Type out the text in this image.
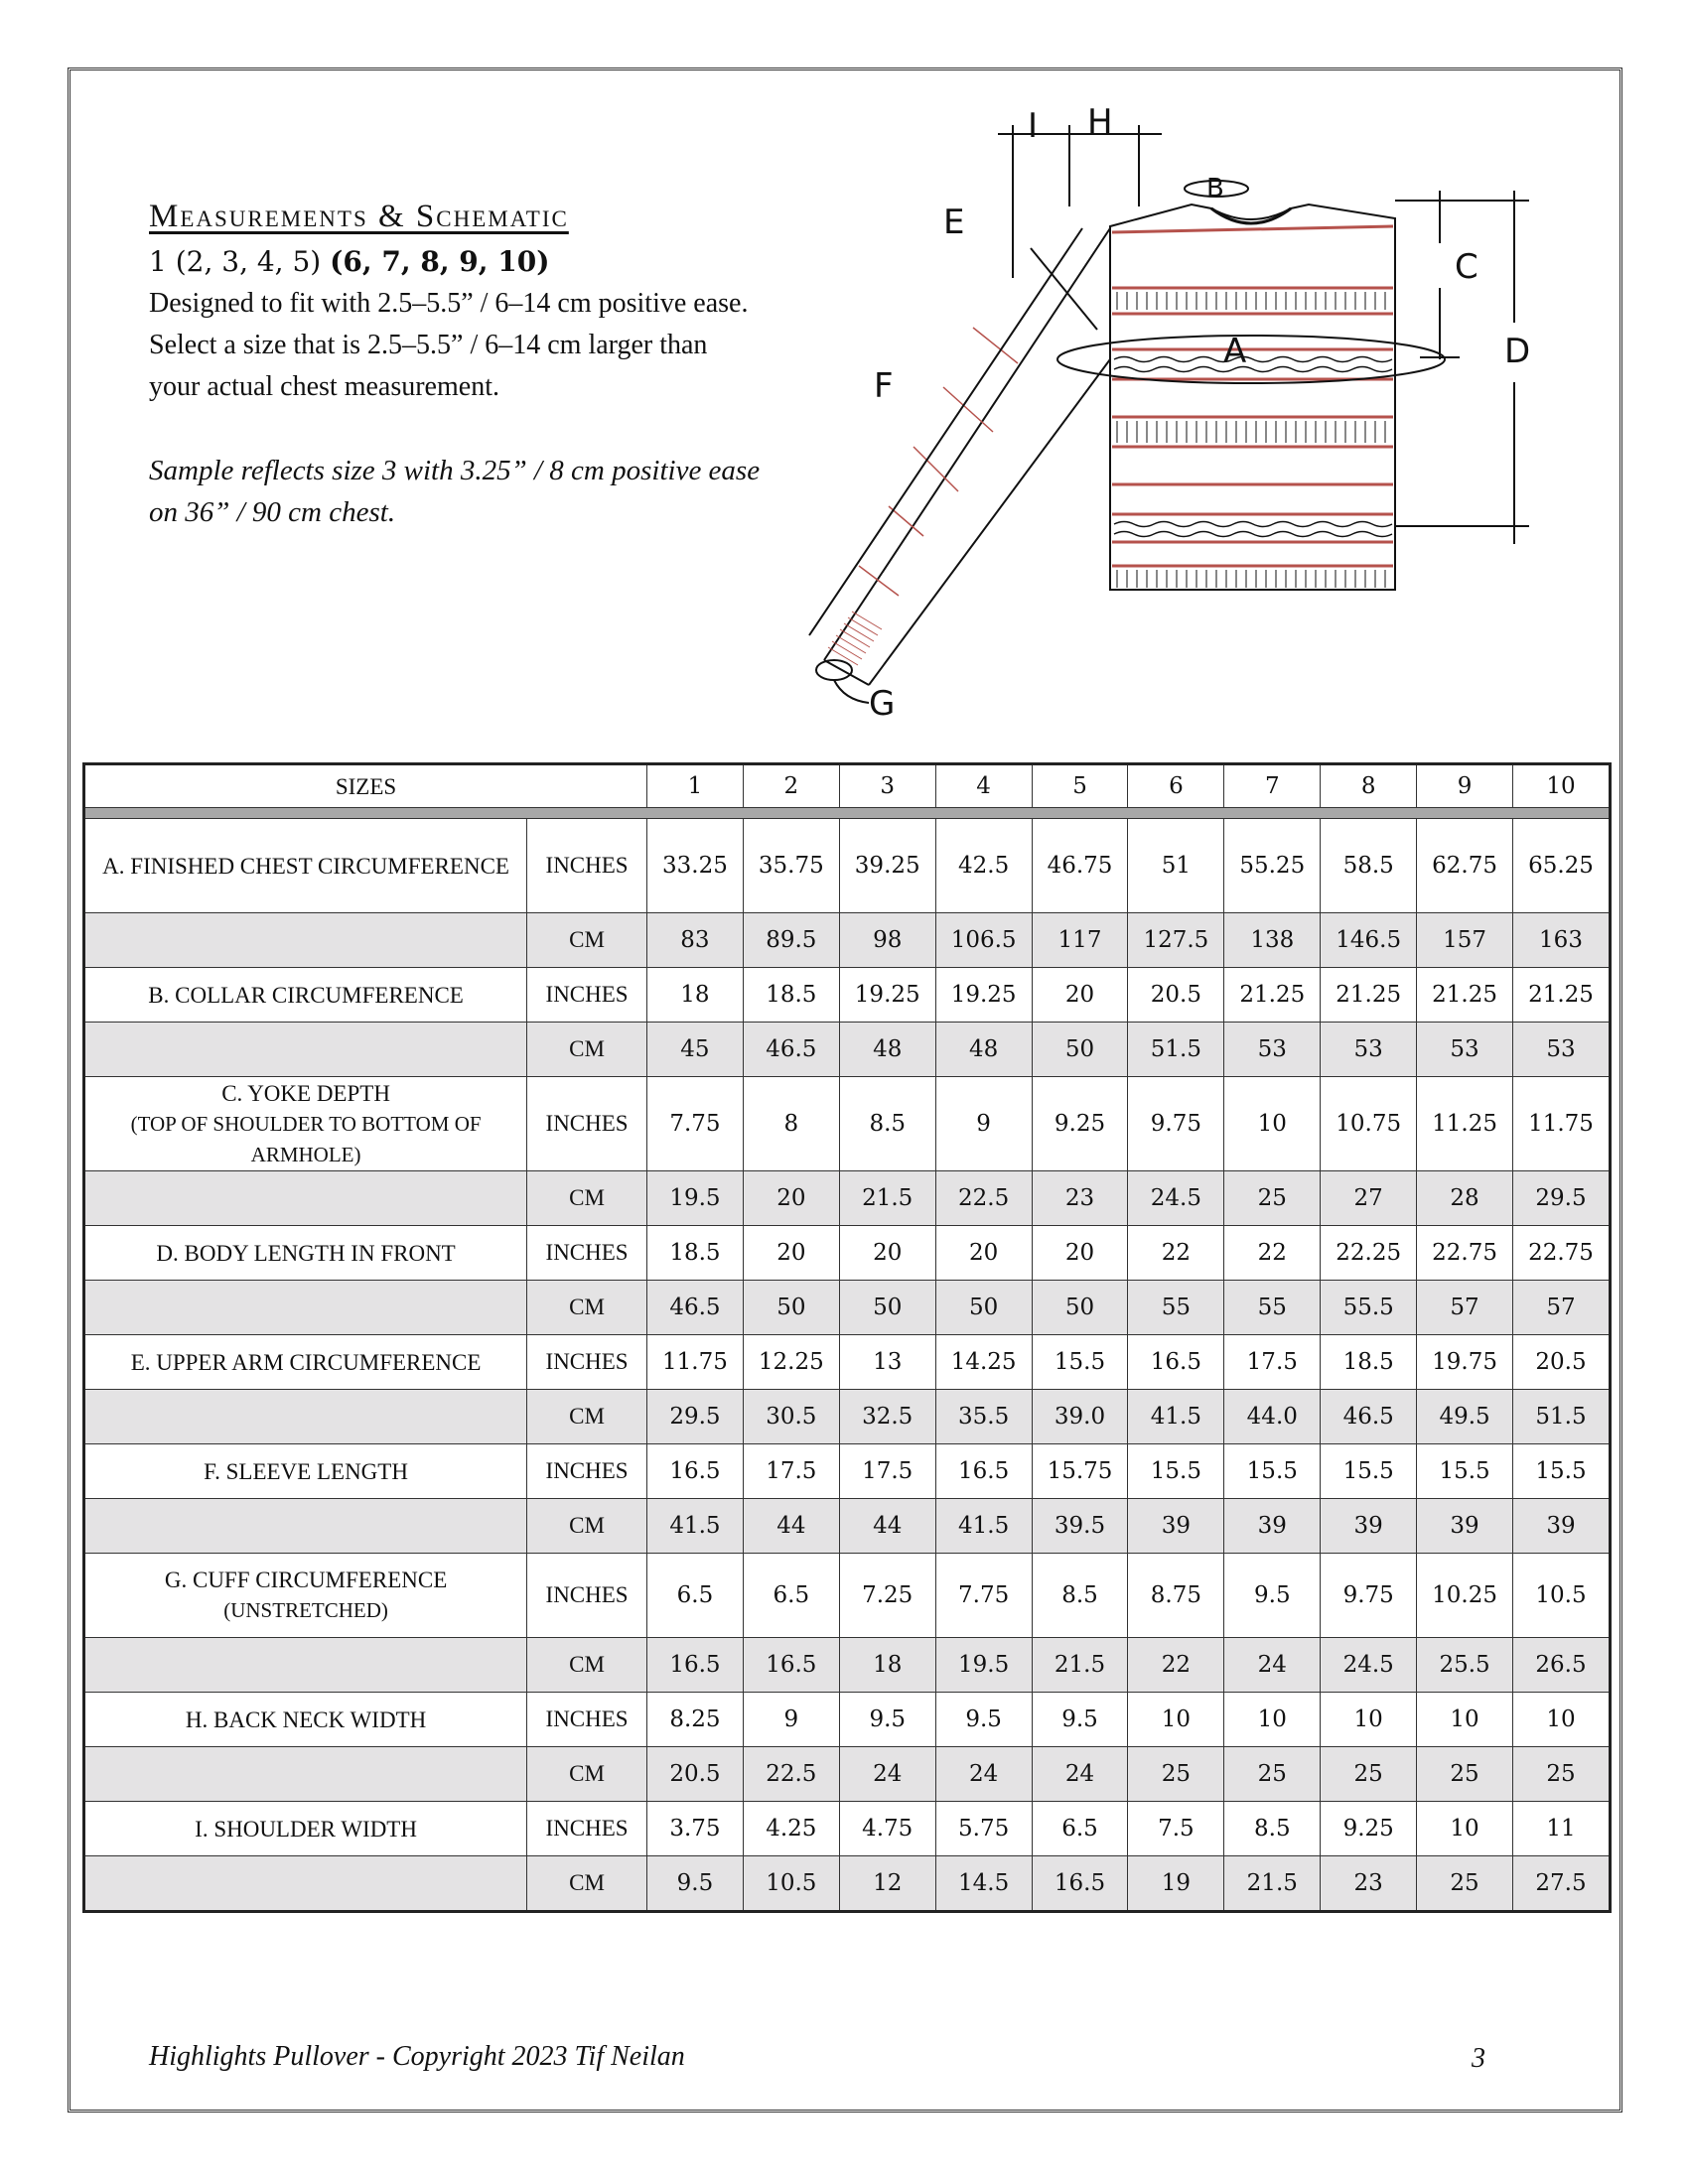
Measurements & Schematic
1 (2, 3, 4, 5) (6, 7, 8, 9, 10)
Designed to fit with 2.5–5.5” / 6–14 cm positive ease. Select a size that is 2.5–5.5” / 6–14 cm larger than your actual chest measurement.
Sample reflects size 3 with 3.25” / 8 cm positive ease on 36” / 90 cm chest.
A
B
C
D
E
F
G
I H
SIZES		1	2	3	4	5	6	7	8	9	10

A. FINISHED CHEST CIRCUMFERENCE	INCHES	33.25	35.75	39.25	42.5	46.75	51	55.25	58.5	62.75	65.25
	CM	83	89.5	98	106.5	117	127.5	138	146.5	157	163
B. COLLAR CIRCUMFERENCE	INCHES	18	18.5	19.25	19.25	20	20.5	21.25	21.25	21.25	21.25
	CM	45	46.5	48	48	50	51.5	53	53	53	53
C. YOKE DEPTH
(TOP OF SHOULDER TO BOTTOM OF ARMHOLE)	INCHES	7.75	8	8.5	9	9.25	9.75	10	10.75	11.25	11.75
	CM	19.5	20	21.5	22.5	23	24.5	25	27	28	29.5
D. BODY LENGTH IN FRONT	INCHES	18.5	20	20	20	20	22	22	22.25	22.75	22.75
	CM	46.5	50	50	50	50	55	55	55.5	57	57
E. UPPER ARM CIRCUMFERENCE	INCHES	11.75	12.25	13	14.25	15.5	16.5	17.5	18.5	19.75	20.5
	CM	29.5	30.5	32.5	35.5	39.0	41.5	44.0	46.5	49.5	51.5
F. SLEEVE LENGTH	INCHES	16.5	17.5	17.5	16.5	15.75	15.5	15.5	15.5	15.5	15.5
	CM	41.5	44	44	41.5	39.5	39	39	39	39	39
G. CUFF CIRCUMFERENCE
(UNSTRETCHED)	INCHES	6.5	6.5	7.25	7.75	8.5	8.75	9.5	9.75	10.25	10.5
	CM	16.5	16.5	18	19.5	21.5	22	24	24.5	25.5	26.5
H. BACK NECK WIDTH	INCHES	8.25	9	9.5	9.5	9.5	10	10	10	10	10
	CM	20.5	22.5	24	24	24	25	25	25	25	25
I. SHOULDER WIDTH	INCHES	3.75	4.25	4.75	5.75	6.5	7.5	8.5	9.25	10	11
	CM	9.5	10.5	12	14.5	16.5	19	21.5	23	25	27.5
Highlights Pullover - Copyright 2023 Tif Neilan	3
